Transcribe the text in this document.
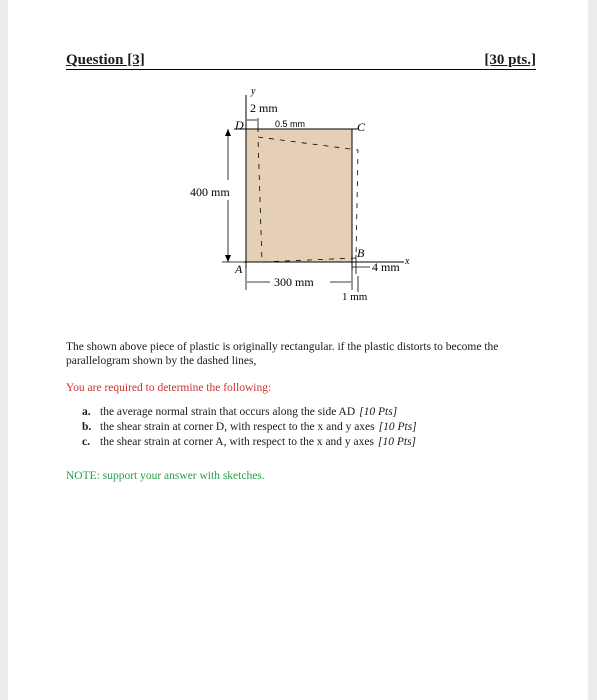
Question [3]	[30 pts.]
y
x
D	C
B
A
2 mm
0.5 mm
400 mm
300 mm
4 mm
1 mm
The shown above piece of plastic is originally rectangular. if the plastic distorts to become the parallelogram shown by the dashed lines,
You are required to determine the following:
a. the average normal strain that occurs along the side AD [10 Pts]
b. the shear strain at corner D, with respect to the x and y axes [10 Pts]
c. the shear strain at corner A, with respect to the x and y axes [10 Pts]
NOTE: support your answer with sketches.
